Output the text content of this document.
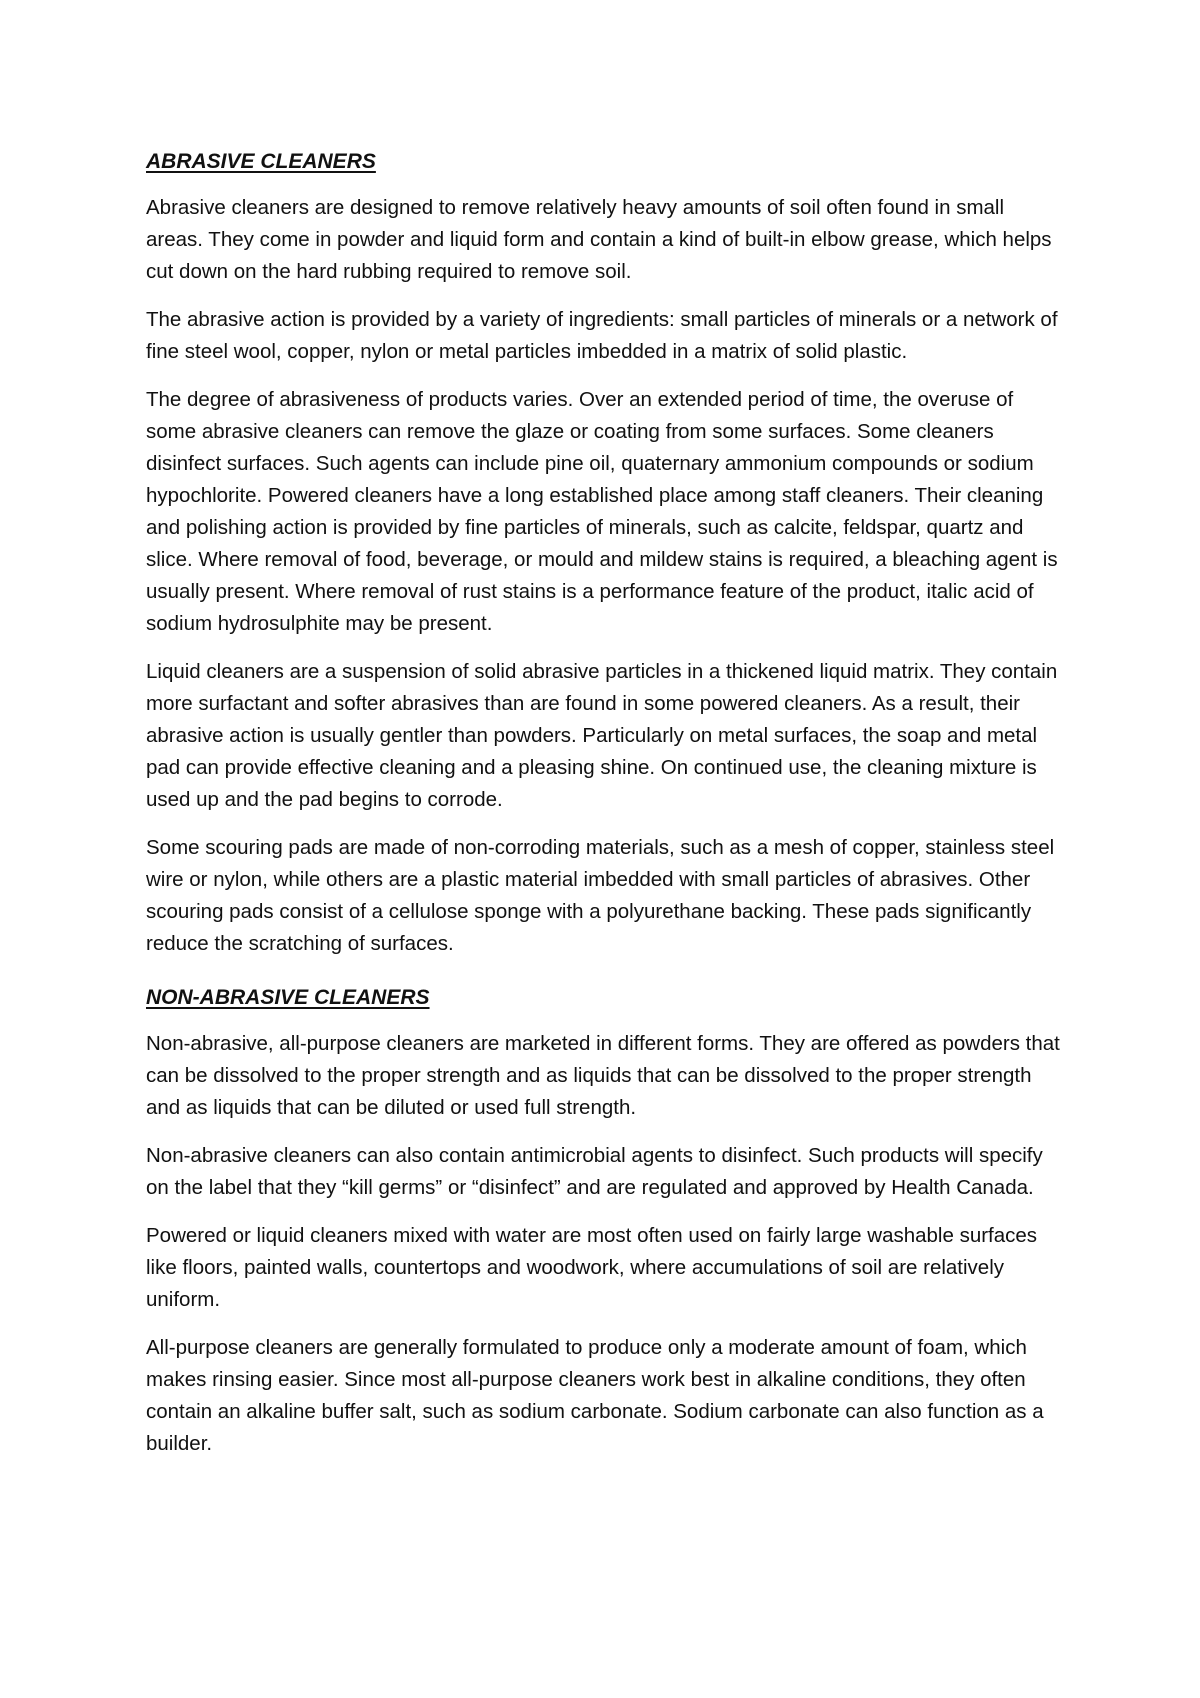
ABRASIVE CLEANERS

Abrasive cleaners are designed to remove relatively heavy amounts of soil often found in small areas. They come in powder and liquid form and contain a kind of built-in elbow grease, which helps cut down on the hard rubbing required to remove soil.

The abrasive action is provided by a variety of ingredients: small particles of minerals or a network of fine steel wool, copper, nylon or metal particles imbedded in a matrix of solid plastic.

The degree of abrasiveness of products varies. Over an extended period of time, the overuse of some abrasive cleaners can remove the glaze or coating from some surfaces. Some cleaners disinfect surfaces. Such agents can include pine oil, quaternary ammonium compounds or sodium hypochlorite. Powered cleaners have a long established place among staff cleaners. Their cleaning and polishing action is provided by fine particles of minerals, such as calcite, feldspar, quartz and slice. Where removal of food, beverage, or mould and mildew stains is required, a bleaching agent is usually present. Where removal of rust stains is a performance feature of the product, italic acid of sodium hydrosulphite may be present.

Liquid cleaners are a suspension of solid abrasive particles in a thickened liquid matrix. They contain more surfactant and softer abrasives than are found in some powered cleaners. As a result, their abrasive action is usually gentler than powders. Particularly on metal surfaces, the soap and metal pad can provide effective cleaning and a pleasing shine. On continued use, the cleaning mixture is used up and the pad begins to corrode.

Some scouring pads are made of non-corroding materials, such as a mesh of copper, stainless steel wire or nylon, while others are a plastic material imbedded with small particles of abrasives. Other scouring pads consist of a cellulose sponge with a polyurethane backing. These pads significantly reduce the scratching of surfaces.

NON-ABRASIVE CLEANERS

Non-abrasive, all-purpose cleaners are marketed in different forms. They are offered as powders that can be dissolved to the proper strength and as liquids that can be dissolved to the proper strength and as liquids that can be diluted or used full strength.

Non-abrasive cleaners can also contain antimicrobial agents to disinfect. Such products will specify on the label that they “kill germs” or “disinfect” and are regulated and approved by Health Canada.

Powered or liquid cleaners mixed with water are most often used on fairly large washable surfaces like floors, painted walls, countertops and woodwork, where accumulations of soil are relatively uniform.

All-purpose cleaners are generally formulated to produce only a moderate amount of foam, which makes rinsing easier. Since most all-purpose cleaners work best in alkaline conditions, they often contain an alkaline buffer salt, such as sodium carbonate. Sodium carbonate can also function as a builder.
